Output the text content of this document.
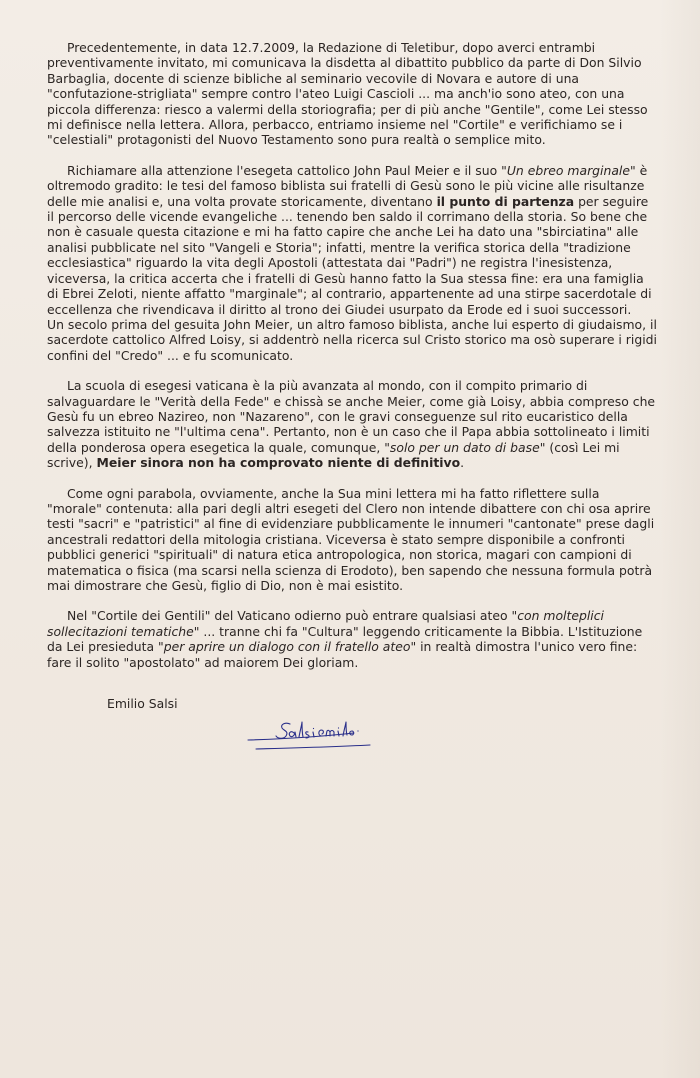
Precedentemente, in data 12.7.2009, la Redazione di Teletibur, dopo averci entrambi preventivamente invitato, mi comunicava la disdetta al dibattito pubblico da parte di Don Silvio Barbaglia, docente di scienze bibliche al seminario vecovile di Novara e autore di una "confutazione-strigliata" sempre contro l'ateo Luigi Cascioli ... ma anch'io sono ateo, con una piccola differenza: riesco a valermi della storiografia; per di più anche "Gentile", come Lei stesso mi definisce nella lettera. Allora, perbacco, entriamo insieme nel "Cortile" e verifichiamo se i "celestiali" protagonisti del Nuovo Testamento sono pura realtà o semplice mito.

Richiamare alla attenzione l'esegeta cattolico John Paul Meier e il suo "Un ebreo marginale" è oltremodo gradito: le tesi del famoso biblista sui fratelli di Gesù sono le più vicine alle risultanze delle mie analisi e, una volta provate storicamente, diventano il punto di partenza per seguire il percorso delle vicende evangeliche ... tenendo ben saldo il corrimano della storia. So bene che non è casuale questa citazione e mi ha fatto capire che anche Lei ha dato una "sbirciatina" alle analisi pubblicate nel sito "Vangeli e Storia"; infatti, mentre la verifica storica della "tradizione ecclesiastica" riguardo la vita degli Apostoli (attestata dai "Padri") ne registra l'inesistenza, viceversa, la critica accerta che i fratelli di Gesù hanno fatto la Sua stessa fine: era una famiglia di Ebrei Zeloti, niente affatto "marginale"; al contrario, appartenente ad una stirpe sacerdotale di eccellenza che rivendicava il diritto al trono dei Giudei usurpato da Erode ed i suoi successori.

Un secolo prima del gesuita John Meier, un altro famoso biblista, anche lui esperto di giudaismo, il sacerdote cattolico Alfred Loisy, si addentrò nella ricerca sul Cristo storico ma osò superare i rigidi confini del "Credo" ... e fu scomunicato.

La scuola di esegesi vaticana è la più avanzata al mondo, con il compito primario di salvaguardare le "Verità della Fede" e chissà se anche Meier, come già Loisy, abbia compreso che Gesù fu un ebreo Nazireo, non "Nazareno", con le gravi conseguenze sul rito eucaristico della salvezza istituito ne "l'ultima cena". Pertanto, non è un caso che il Papa abbia sottolineato i limiti della ponderosa opera esegetica la quale, comunque, "solo per un dato di base" (così Lei mi scrive), Meier sinora non ha comprovato niente di definitivo.

Come ogni parabola, ovviamente, anche la Sua mini lettera mi ha fatto riflettere sulla "morale" contenuta: alla pari degli altri esegeti del Clero non intende dibattere con chi osa aprire testi "sacri" e "patristici" al fine di evidenziare pubblicamente le innumeri "cantonate" prese dagli ancestrali redattori della mitologia cristiana. Viceversa è stato sempre disponibile a confronti pubblici generici "spirituali" di natura etica antropologica, non storica, magari con campioni di matematica o fisica (ma scarsi nella scienza di Erodoto), ben sapendo che nessuna formula potrà mai dimostrare che Gesù, figlio di Dio, non è mai esistito.

Nel "Cortile dei Gentili" del Vaticano odierno può entrare qualsiasi ateo "con molteplici sollecitazioni tematiche" ... tranne chi fa "Cultura" leggendo criticamente la Bibbia. L'Istituzione da Lei presieduta "per aprire un dialogo con il fratello ateo" in realtà dimostra l'unico vero fine: fare il solito "apostolato" ad maiorem Dei gloriam.

Emilio Salsi
